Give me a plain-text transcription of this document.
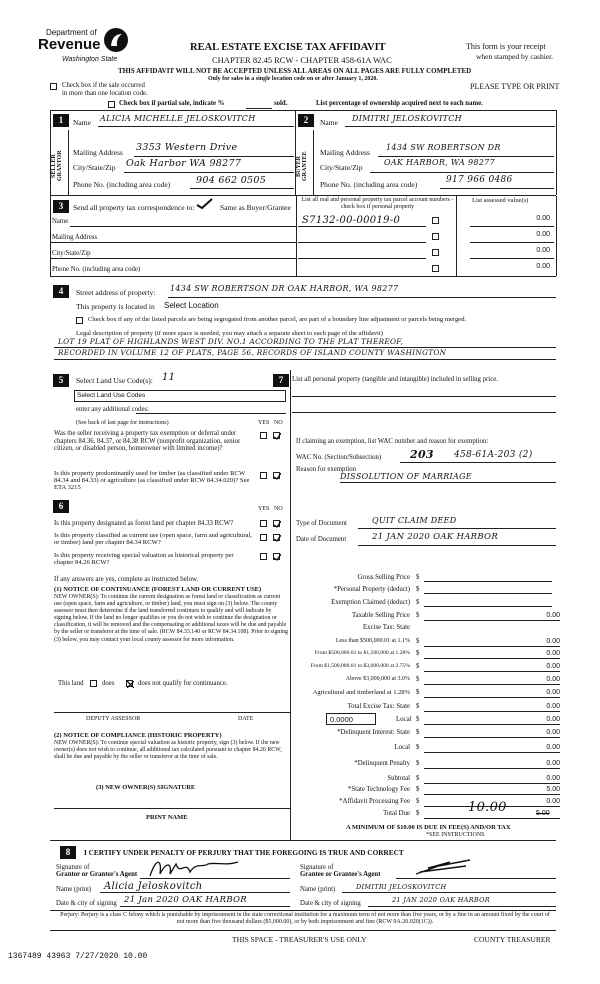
Department of
Revenue
Washington State
REAL ESTATE EXCISE TAX AFFIDAVIT
CHAPTER 82.45 RCW - CHAPTER 458-61A WAC
THIS AFFIDAVIT WILL NOT BE ACCEPTED UNLESS ALL AREAS ON ALL PAGES ARE FULLY COMPLETED
Only for sales in a single location code on or after January 1, 2020.
This form is your receipt
when stamped by cashier.
PLEASE TYPE OR PRINT
Check box if the sale occurred
in more than one location code.
Check box if partial sale, indicate %	sold.	List percentage of ownership acquired next to each name.
1	Name ALICIA MICHELLE JELOSKOVITCH
SELLER GRANTOR	Mailing Address 3353 Western Drive
City/State/Zip Oak Harbor WA 98277
Phone No. (including area code)	904 662 0505
2	Name DIMITRI JELOSKOVITCH
BUYER GRANTEE	Mailing Address
1434 SW ROBERTSON DR
City/State/Zip
OAK HARBOR, WA 98277
Phone No. (including area code)	917 966 0486
3	Send all property tax correspondence to:	Same as Buyer/Grantee
List all real and personal property tax parcel account numbers - check box if personal property
List assessed value(s)
Name
Mailing Address
City/State/Zip
Phone No. (including area code)
S7132-00-00019-0	0.00
0.00
0.00
0.00
4	Street address of property: 1434 SW ROBERTSON DR OAK HARBOR, WA 98277
This property is located in Select Location
Check box if any of the listed parcels are being segregated from another parcel, are part of a boundary line adjustment or parcels being merged.
Legal description of property (if more space is needed, you may attach a separate sheet to each page of the affidavit)
LOT 19 PLAT OF HIGHLANDS WEST DIV. NO.1 ACCORDING TO THE PLAT THEREOF,
RECORDED IN VOLUME 12 OF PLATS, PAGE 56, RECORDS OF ISLAND COUNTY WASHINGTON
5	Select Land Use Code(s): 11
Select Land Use Codes
enter any additional codes:
(See back of last page for instructions)	YES NO
Was the seller receiving a property tax exemption or deferral under chapters 84.36, 84.37, or 84.38 RCW (nonprofit organization, senior citizen, or disabled person, homeowner with limited income)?
Is this property predominantly used for timber (as classified under RCW 84.34 and 84.33) or agriculture (as classified under RCW 84.34.020)? See ETA 3215
6	YES NO
Is this property designated as forest land per chapter 84.33 RCW?
Is this property classified as current use (open space, farm and agricultural, or timber) land per chapter 84.34 RCW?
Is this property receiving special valuation as historical property per chapter 84.26 RCW?
If any answers are yes, complete as instructed below.
(1) NOTICE OF CONTINUANCE (FOREST LAND OR CURRENT USE)
NEW OWNER(S): To continue the current designation as forest land or classification as current use (open space, farm and agriculture, or timber) land, you must sign on (3) below. The county assessor must then determine if the land transferred continues to qualify and will indicate by signing below. If the land no longer qualifies or you do not wish to continue the designation or classification, it will be removed and the compensating or additional taxes will be due and payable by the seller or transferor at the time of sale. (RCW 84.33.140 or RCW 84.34.108). Prior to signing (3) below, you may contact your local county assessor for more information.
This land	does	does not qualify for continuance.
DEPUTY ASSESSOR	DATE
(2) NOTICE OF COMPLIANCE (HISTORIC PROPERTY)
NEW OWNER(S): To continue special valuation as historic property, sign (3) below. If the new owner(s) does not wish to continue, all additional tax calculated pursuant to chapter 84.26 RCW, shall be due and payable by the seller or transferor at the time of sale.
(3) NEW OWNER(S) SIGNATURE
PRINT NAME
7	List all personal property (tangible and intangible) included in selling price.
If claiming an exemption, list WAC number and reason for exemption:
WAC No. (Section/Subsection)	203 458-61A-203 (2)
Reason for exemption
DISSOLUTION OF MARRIAGE
Type of Document	QUIT CLAIM DEED
Date of Document	21 JAN 2020 OAK HARBOR
Gross Selling Price $
*Personal Property (deduct) $
Exemption Claimed (deduct) $
Taxable Selling Price $	0.00
Excise Tax: State
Less than $500,000.01 at 1.1% $	0.00
From $500,000.01 to $1,500,000 at 1.28% $	0.00
From $1,500,000.01 to $3,000,000 at 2.75% $	0.00
Above $3,000,000 at 3.0% $	0.00
Agricultural and timberland at 1.28% $	0.00
Total Excise Tax: State $	0.00
0.0000	Local $	0.00
*Delinquent Interest: State $	0.00
Local $	0.00
*Delinquent Penalty $	0.00
Subtotal $	0.00
*State Technology Fee $	5.00
*Affidavit Processing Fee $	0.00
Total Due $	10.00	5.00
A MINIMUM OF $10.00 IS DUE IN FEE(S) AND/OR TAX
*SEE INSTRUCTIONS
8	I CERTIFY UNDER PENALTY OF PERJURY THAT THE FOREGOING IS TRUE AND CORRECT
Signature of
Grantor or Grantor's Agent
Name (print) Alicia Jeloskovitch
Date & city of signing 21 Jan 2020 OAK HARBOR
Signature of
Grantee or Grantee's Agent
Name (print)	DIMITRI JELOSKOVITCH
Date & city of signing	21 JAN 2020 OAK HARBOR
Perjury: Perjury is a class C felony which is punishable by imprisonment in the state correctional institution for a maximum term of not more than five years, or by a fine in an amount fixed by the court of not more than five thousand dollars ($5,000.00), or by both imprisonment and fine (RCW 9A.20.020(1C)).
THIS SPACE - TREASURER'S USE ONLY	COUNTY TREASURER
1367489 43963 7/27/2020 10.00
